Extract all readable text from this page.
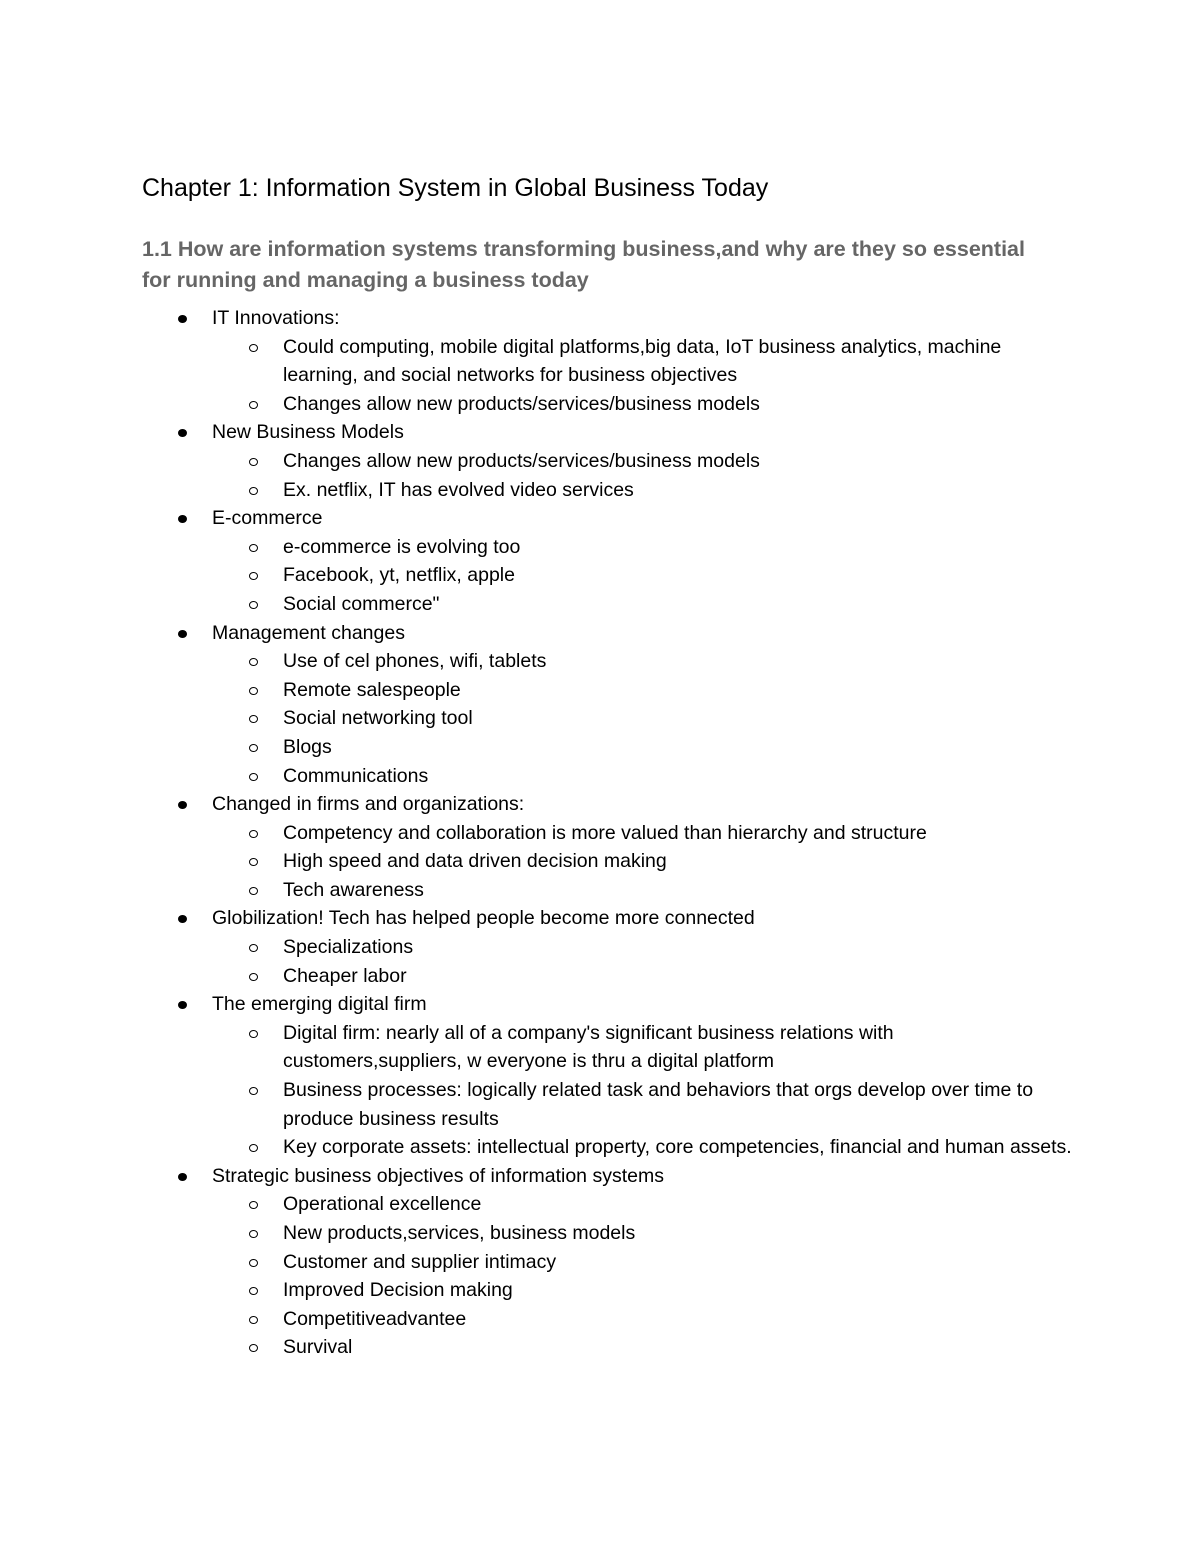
Chapter 1: Information System in Global Business Today
1.1 How are information systems transforming business,and why are they so essential for running and managing a business today
IT Innovations:
Could computing, mobile digital platforms,big data, IoT business analytics, machine learning, and social networks for business objectives
Changes allow new products/services/business models
New Business Models
Changes allow new products/services/business models
Ex. netflix, IT has evolved video services
E-commerce
e-commerce is evolving too
Facebook, yt, netflix, apple
Social commerce"
Management changes
Use of cel phones, wifi, tablets
Remote salespeople
Social networking tool
Blogs
Communications
Changed in firms and organizations:
Competency and collaboration is more valued than hierarchy and structure
High speed and data driven decision making
Tech awareness
Globilization! Tech has helped people become more connected
Specializations
Cheaper labor
The emerging digital firm
Digital firm: nearly all of a company's significant business relations with customers,suppliers, w everyone is thru a digital platform
Business processes: logically related task and behaviors that orgs develop over time to produce business results
Key corporate assets: intellectual property, core competencies, financial and human assets.
Strategic business objectives of information systems
Operational excellence
New products,services, business models
Customer and supplier intimacy
Improved Decision making
Competitiveadvantee
Survival
